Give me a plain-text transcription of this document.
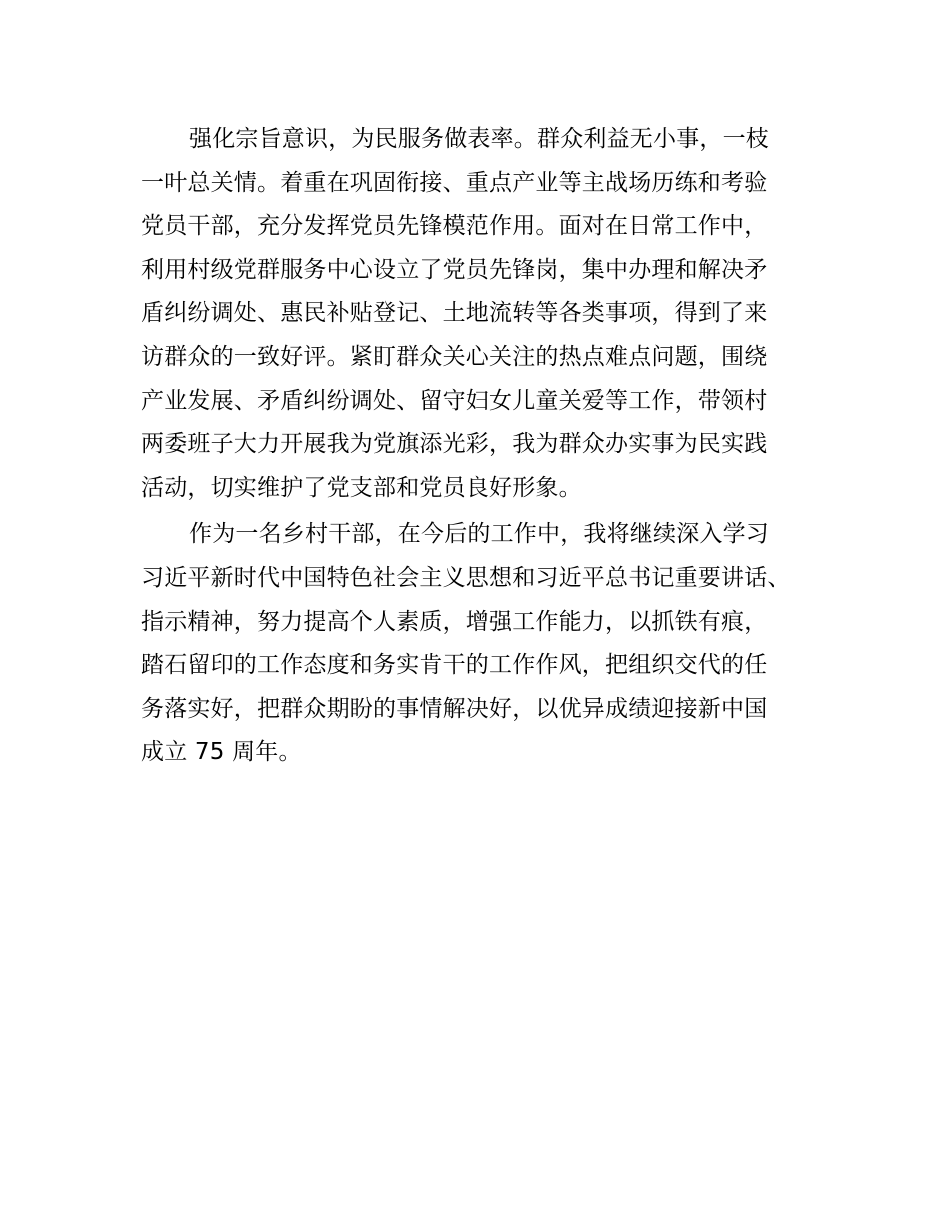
强化宗旨意识，为民服务做表率。群众利益无小事，一枝
一叶总关情。着重在巩固衔接、重点产业等主战场历练和考验
党员干部，充分发挥党员先锋模范作用。面对在日常工作中，
利用村级党群服务中心设立了党员先锋岗，集中办理和解决矛
盾纠纷调处、惠民补贴登记、土地流转等各类事项，得到了来
访群众的一致好评。紧盯群众关心关注的热点难点问题，围绕
产业发展、矛盾纠纷调处、留守妇女儿童关爱等工作，带领村
两委班子大力开展我为党旗添光彩，我为群众办实事为民实践
活动，切实维护了党支部和党员良好形象。
作为一名乡村干部，在今后的工作中，我将继续深入学习
习近平新时代中国特色社会主义思想和习近平总书记重要讲话、
指示精神，努力提高个人素质，增强工作能力，以抓铁有痕，
踏石留印的工作态度和务实肯干的工作作风，把组织交代的任
务落实好，把群众期盼的事情解决好，以优异成绩迎接新中国
成立 75 周年。
